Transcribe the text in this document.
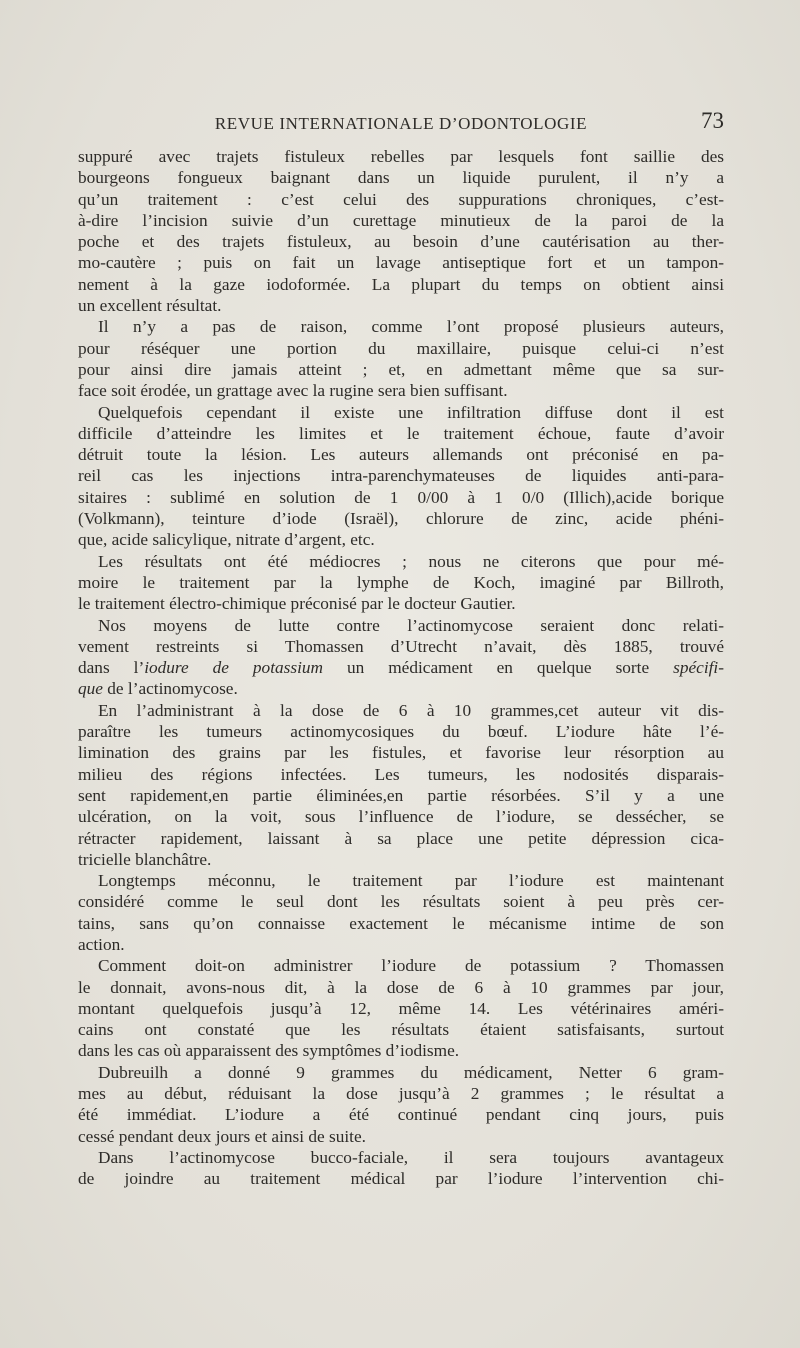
REVUE INTERNATIONALE D’ODONTOLOGIE	73
suppuré avec trajets fistuleux rebelles par lesquels font saillie des
bourgeons fongueux baignant dans un liquide purulent, il n’y a
qu’un traitement : c’est celui des suppurations chroniques, c’est-
à-dire l’incision suivie d’un curettage minutieux de la paroi de la
poche et des trajets fistuleux, au besoin d’une cautérisation au ther-
mo-cautère ; puis on fait un lavage antiseptique fort et un tampon-
nement à la gaze iodoformée. La plupart du temps on obtient ainsi
un excellent résultat.
Il n’y a pas de raison, comme l’ont proposé plusieurs auteurs,
pour réséquer une portion du maxillaire, puisque celui-ci n’est
pour ainsi dire jamais atteint ; et, en admettant même que sa sur-
face soit érodée, un grattage avec la rugine sera bien suffisant.
Quelquefois cependant il existe une infiltration diffuse dont il est
difficile d’atteindre les limites et le traitement échoue, faute d’avoir
détruit toute la lésion. Les auteurs allemands ont préconisé en pa-
reil cas les injections intra-parenchymateuses de liquides anti-para-
sitaires : sublimé en solution de 1 0/00 à 1 0/0 (Illich),acide borique
(Volkmann), teinture d’iode (Israël), chlorure de zinc, acide phéni-
que, acide salicylique, nitrate d’argent, etc.
Les résultats ont été médiocres ; nous ne citerons que pour mé-
moire le traitement par la lymphe de Koch, imaginé par Billroth,
le traitement électro-chimique préconisé par le docteur Gautier.
Nos moyens de lutte contre l’actinomycose seraient donc relati-
vement restreints si Thomassen d’Utrecht n’avait, dès 1885, trouvé
dans l’iodure de potassium un médicament en quelque sorte spécifi-
que de l’actinomycose.
En l’administrant à la dose de 6 à 10 grammes,cet auteur vit dis-
paraître les tumeurs actinomycosiques du bœuf. L’iodure hâte l’é-
limination des grains par les fistules, et favorise leur résorption au
milieu des régions infectées. Les tumeurs, les nodosités disparais-
sent rapidement,en partie éliminées,en partie résorbées. S’il y a une
ulcération, on la voit, sous l’influence de l’iodure, se dessécher, se
rétracter rapidement, laissant à sa place une petite dépression cica-
tricielle blanchâtre.
Longtemps méconnu, le traitement par l’iodure est maintenant
considéré comme le seul dont les résultats soient à peu près cer-
tains, sans qu’on connaisse exactement le mécanisme intime de son
action.
Comment doit-on administrer l’iodure de potassium ? Thomassen
le donnait, avons-nous dit, à la dose de 6 à 10 grammes par jour,
montant quelquefois jusqu’à 12, même 14. Les vétérinaires améri-
cains ont constaté que les résultats étaient satisfaisants, surtout
dans les cas où apparaissent des symptômes d’iodisme.
Dubreuilh a donné 9 grammes du médicament, Netter 6 gram-
mes au début, réduisant la dose jusqu’à 2 grammes ; le résultat a
été immédiat. L’iodure a été continué pendant cinq jours, puis
cessé pendant deux jours et ainsi de suite.
Dans l’actinomycose bucco-faciale, il sera toujours avantageux
de joindre au traitement médical par l’iodure l’intervention chi-
